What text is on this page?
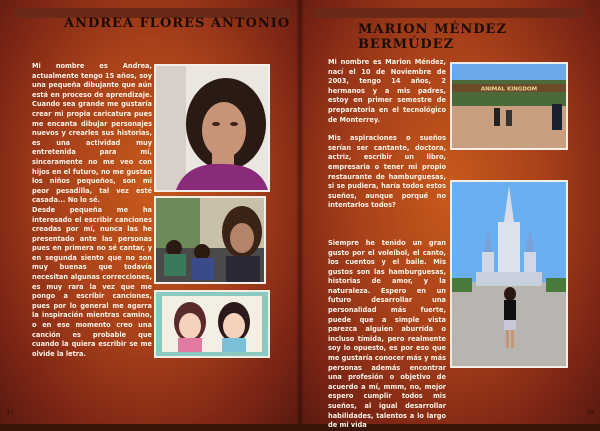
ANDREA FLORES ANTONIO

Mi nombre es Andrea, actualmente tengo 15 años, soy una pequeña dibujante que aún está en proceso de aprendizaje. Cuando sea grande me gustaría crear mi propia caricatura pues me encanta dibujar personajes nuevos y crearles sus historias, es una actividad muy entretenida para mí, sinceramente no me veo con hijos en el futuro, no me gustan los niños pequeños, son mi peor pesadilla, tal vez esté casada... No lo sé.

Desde pequeña me ha interesado el escribir canciones creadas por mí, nunca las he presentado ante las personas pues en primera no sé cantar, y en segunda siento que no son muy buenas que todavía necesitan algunas correcciones, es muy rara la vez que me pongo a escribir canciones, pues por lo general me agarra la inspiración mientras camino, o en ese momento creo una canción es probable que cuando la quiera escribir se me olvide la letra.

37
MARION MÉNDEZ BERMÚDEZ

Mi nombre es Marion Méndez, nací el 10 de Noviembre de 2003, tengo 14 años, 2 hermanos y a mis padres, estoy en primer semestre de preparatoria en el tecnológico de Monterrey.

Mis aspiraciones o sueños serían ser cantante, doctora, actriz, escribir un libro, empresaria o tener mi propio restaurante de hamburguesas, si se pudiera, haría todos estos sueños, aunque porqué no intentarlos todos?

Siempre he tenido un gran gusto por el voleibol, el canto, los cuentos y el baile. Mis gustos son las hamburguesas, historias de amor, y la naturaleza. Espero en un futuro desarrollar una personalidad más fuerte, puede que a simple vista parezca alguien aburrida o incluso tímida, pero realmente soy lo opuesto, es por eso que me gustaría conocer más y más personas además encontrar una profesión o objetivo de acuerdo a mí, mmm, no, mejor espero cumplir todos mis sueños, al igual desarrollar habilidades, talentos a lo largo de mi vida

ANIMAL KINGDOM
38
